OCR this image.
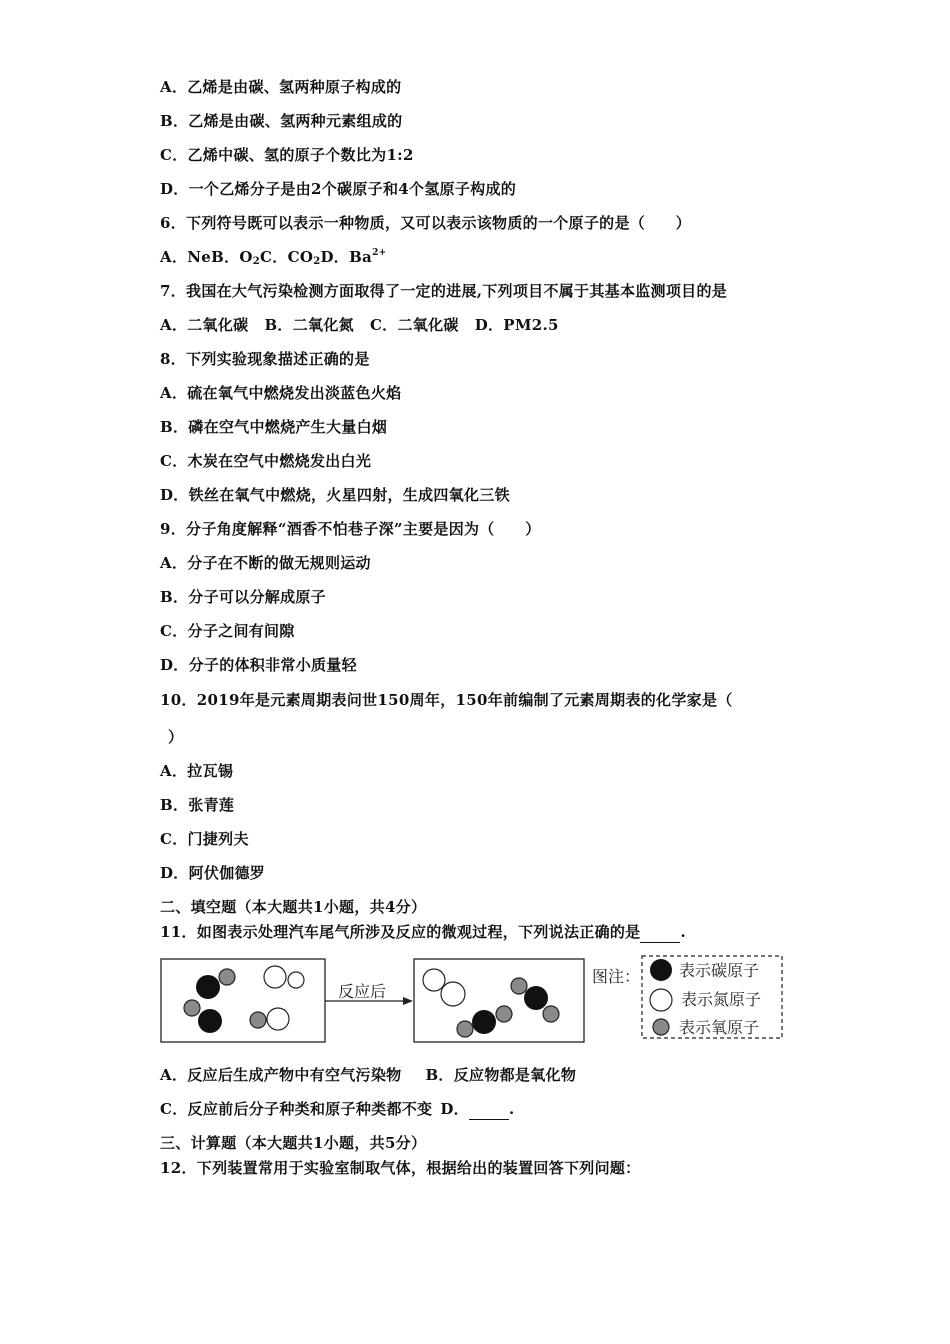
A．乙烯是由碳、氢两种原子构成的
B．乙烯是由碳、氢两种元素组成的
C．乙烯中碳、氢的原子个数比为1:2
D．一个乙烯分子是由2个碳原子和4个氢原子构成的
6．下列符号既可以表示一种物质，又可以表示该物质的一个原子的是（　　）
A．NeB．$O_2C$．$CO_2D$．$Ba^{2+}$
7．我国在大气污染检测方面取得了一定的进展,下列项目不属于其基本监测项目的是
A．二氧化碳 B．二氧化氮 C．二氧化碳 D．PM2.5
8．下列实验现象描述正确的是
A．硫在氧气中燃烧发出淡蓝色火焰
B．磷在空气中燃烧产生大量白烟
C．木炭在空气中燃烧发出白光
D．铁丝在氧气中燃烧，火星四射，生成四氧化三铁
9．分子角度解释“酒香不怕巷子深”主要是因为（　　）
A．分子在不断的做无规则运动
B．分子可以分解成原子
C．分子之间有间隙
D．分子的体积非常小质量轻
10．2019年是元素周期表问世150周年，150年前编制了元素周期表的化学家是（
）
A．拉瓦锡
B．张青莲
C．门捷列夫
D．阿伏伽德罗
二、填空题（本大题共1小题，共4分）
11．如图表示处理汽车尾气所涉及反应的微观过程，下列说法正确的是	.
反应后
图注： 表示碳原子
表示氮原子
表示氧原子
A．反应后生成产物中有空气污染物 B．反应物都是氧化物
C．反应前后分子种类和原子种类都不变 D．	.
三、计算题（本大题共1小题，共5分）
12．下列装置常用于实验室制取气体，根据给出的装置回答下列问题：
